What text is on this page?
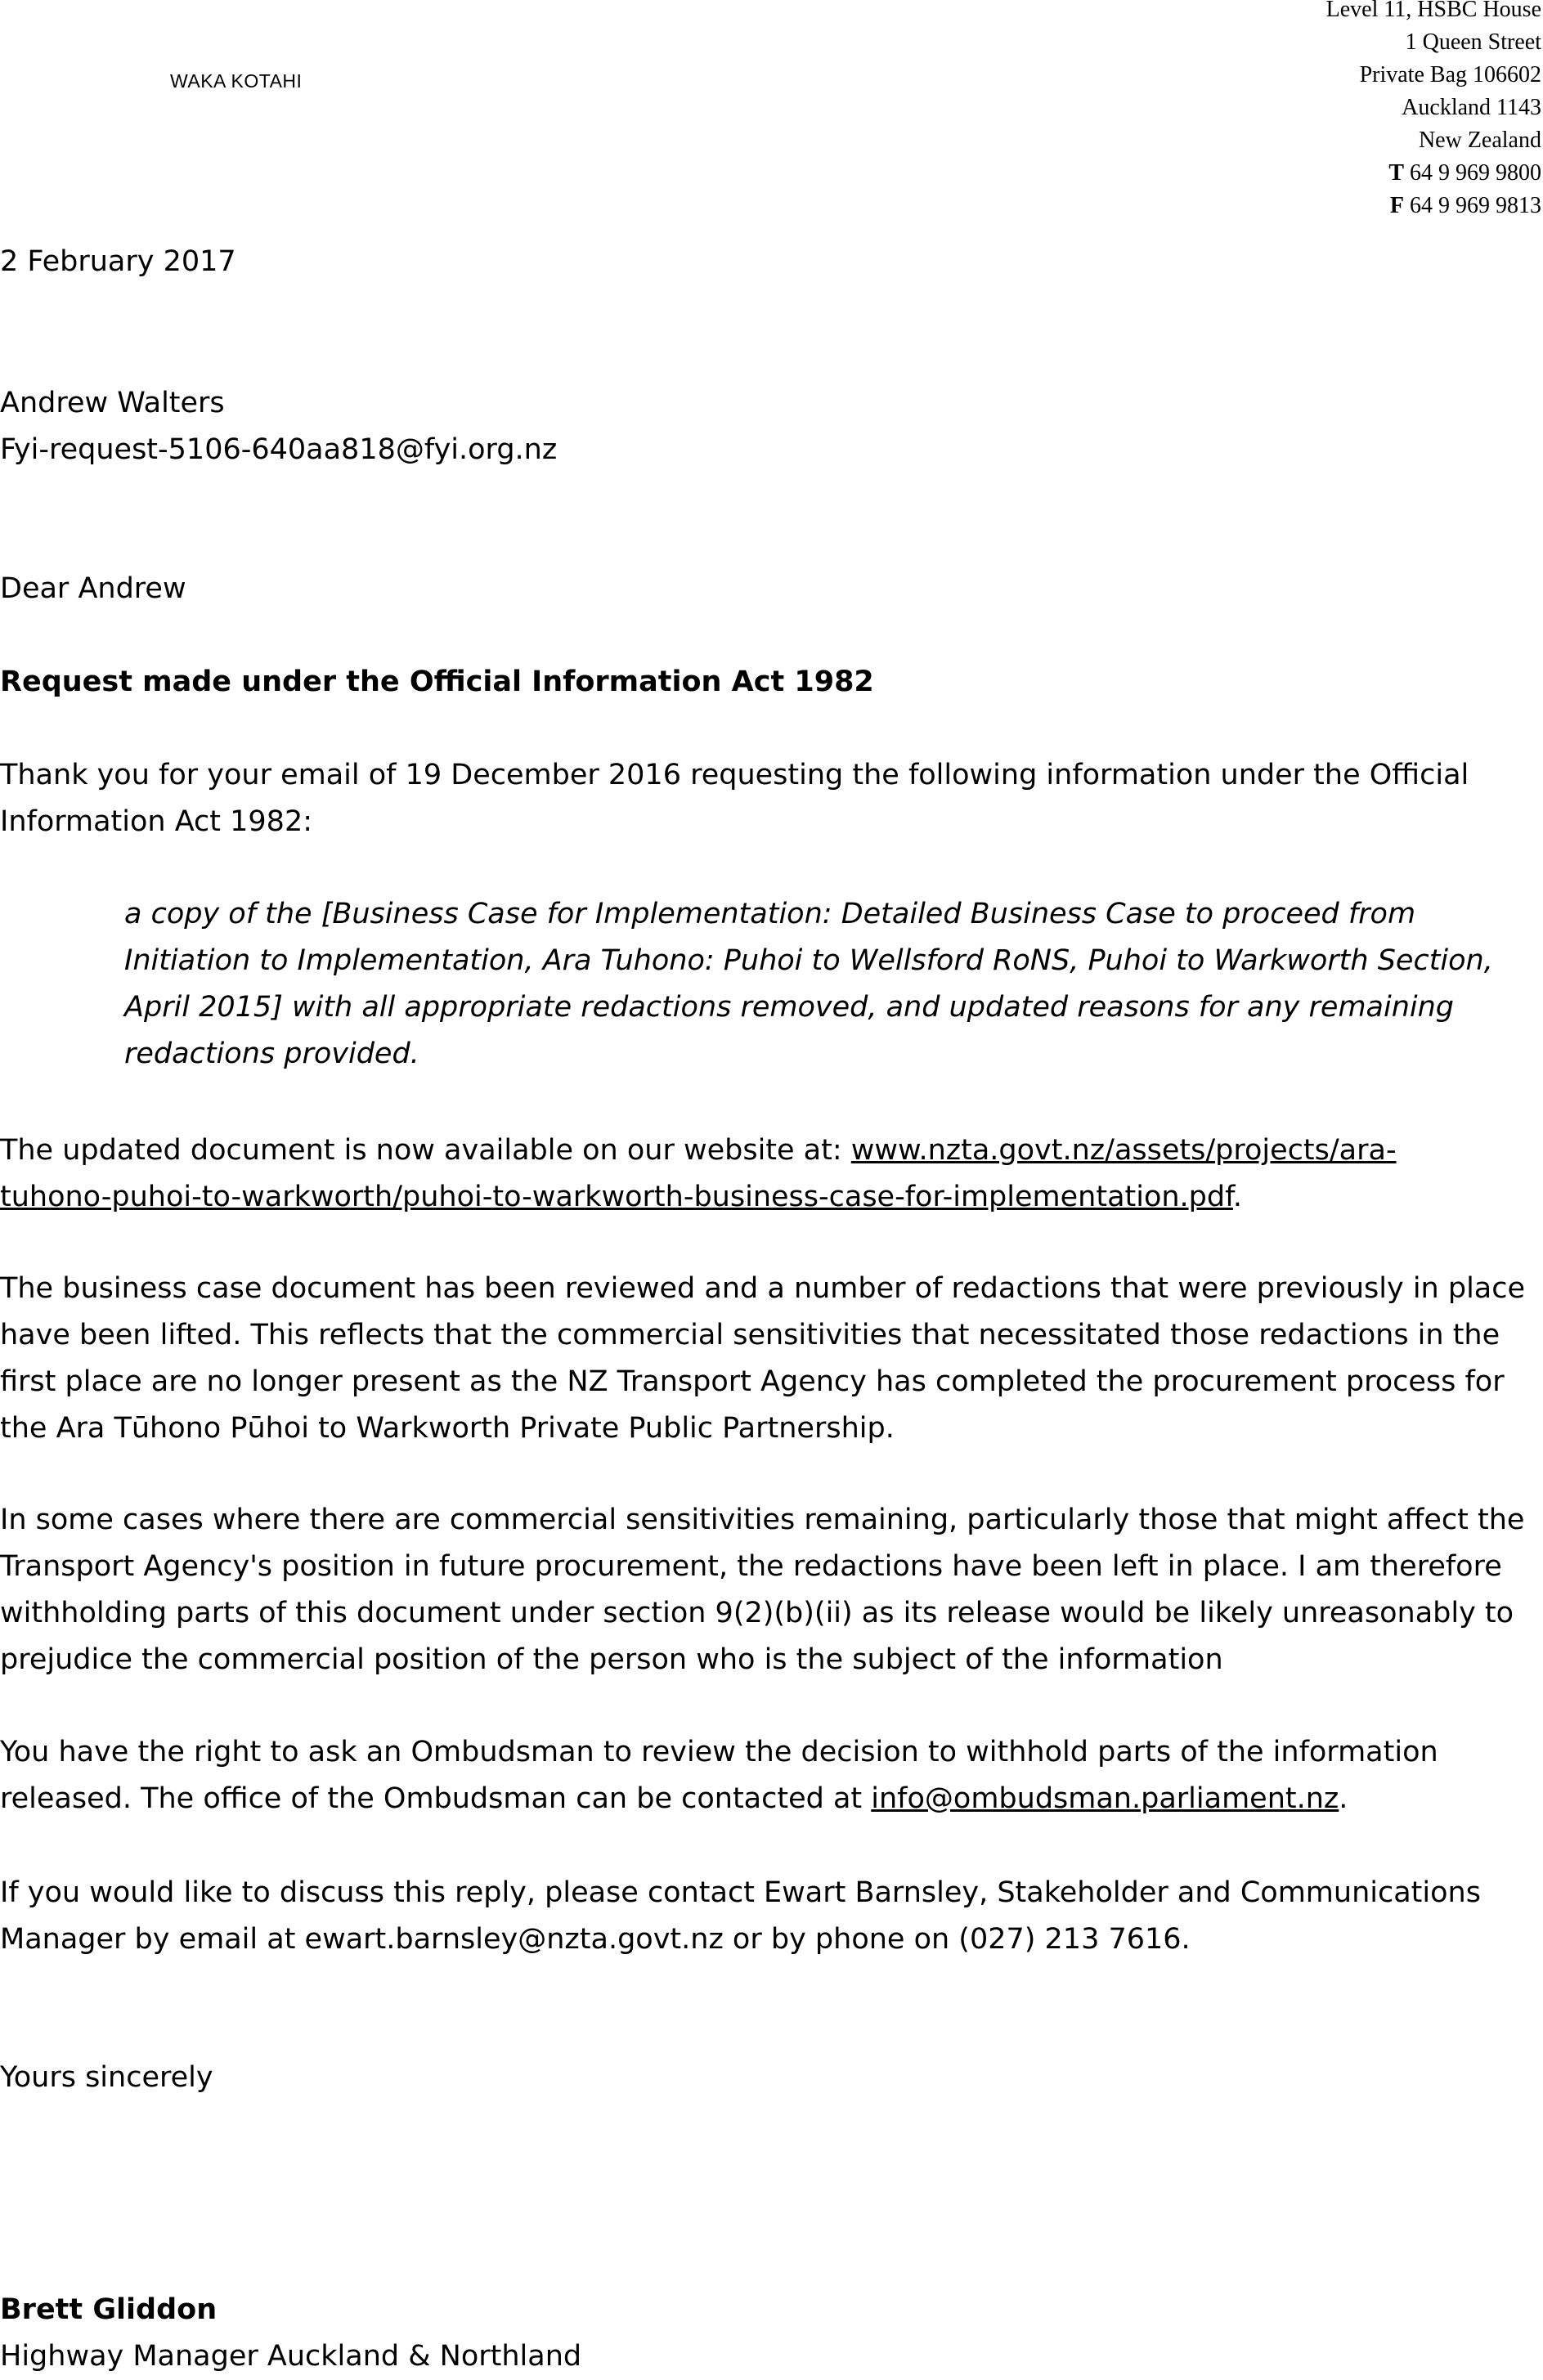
Level 11, HSBC House
1 Queen Street
Private Bag 106602
Auckland 1143
New Zealand
T 64 9 969 9800
F 64 9 969 9813
WAKA KOTAHI
2 February 2017
Andrew Walters
Fyi-request-5106-640aa818@fyi.org.nz
Dear Andrew
Request made under the Official Information Act 1982
Thank you for your email of 19 December 2016 requesting the following information under the Official
Information Act 1982:
a copy of the [Business Case for Implementation: Detailed Business Case to proceed from
Initiation to Implementation, Ara Tuhono: Puhoi to Wellsford RoNS, Puhoi to Warkworth Section,
April 2015] with all appropriate redactions removed, and updated reasons for any remaining
redactions provided.
The updated document is now available on our website at: www.nzta.govt.nz/assets/projects/ara-
tuhono-puhoi-to-warkworth/puhoi-to-warkworth-business-case-for-implementation.pdf.

The business case document has been reviewed and a number of redactions that were previously in place have been lifted. This reflects that the commercial sensitivities that necessitated those redactions in the first place are no longer present as the NZ Transport Agency has completed the procurement process for the Ara Tūhono Pūhoi to Warkworth Private Public Partnership.

In some cases where there are commercial sensitivities remaining, particularly those that might affect the Transport Agency's position in future procurement, the redactions have been left in place. I am therefore withholding parts of this document under section 9(2)(b)(ii) as its release would be likely unreasonably to prejudice the commercial position of the person who is the subject of the information

You have the right to ask an Ombudsman to review the decision to withhold parts of the information released. The office of the Ombudsman can be contacted at info@ombudsman.parliament.nz.

If you would like to discuss this reply, please contact Ewart Barnsley, Stakeholder and Communications Manager by email at ewart.barnsley@nzta.govt.nz or by phone on (027) 213 7616.

Yours sincerely
Brett Gliddon
Highway Manager Auckland & Northland
